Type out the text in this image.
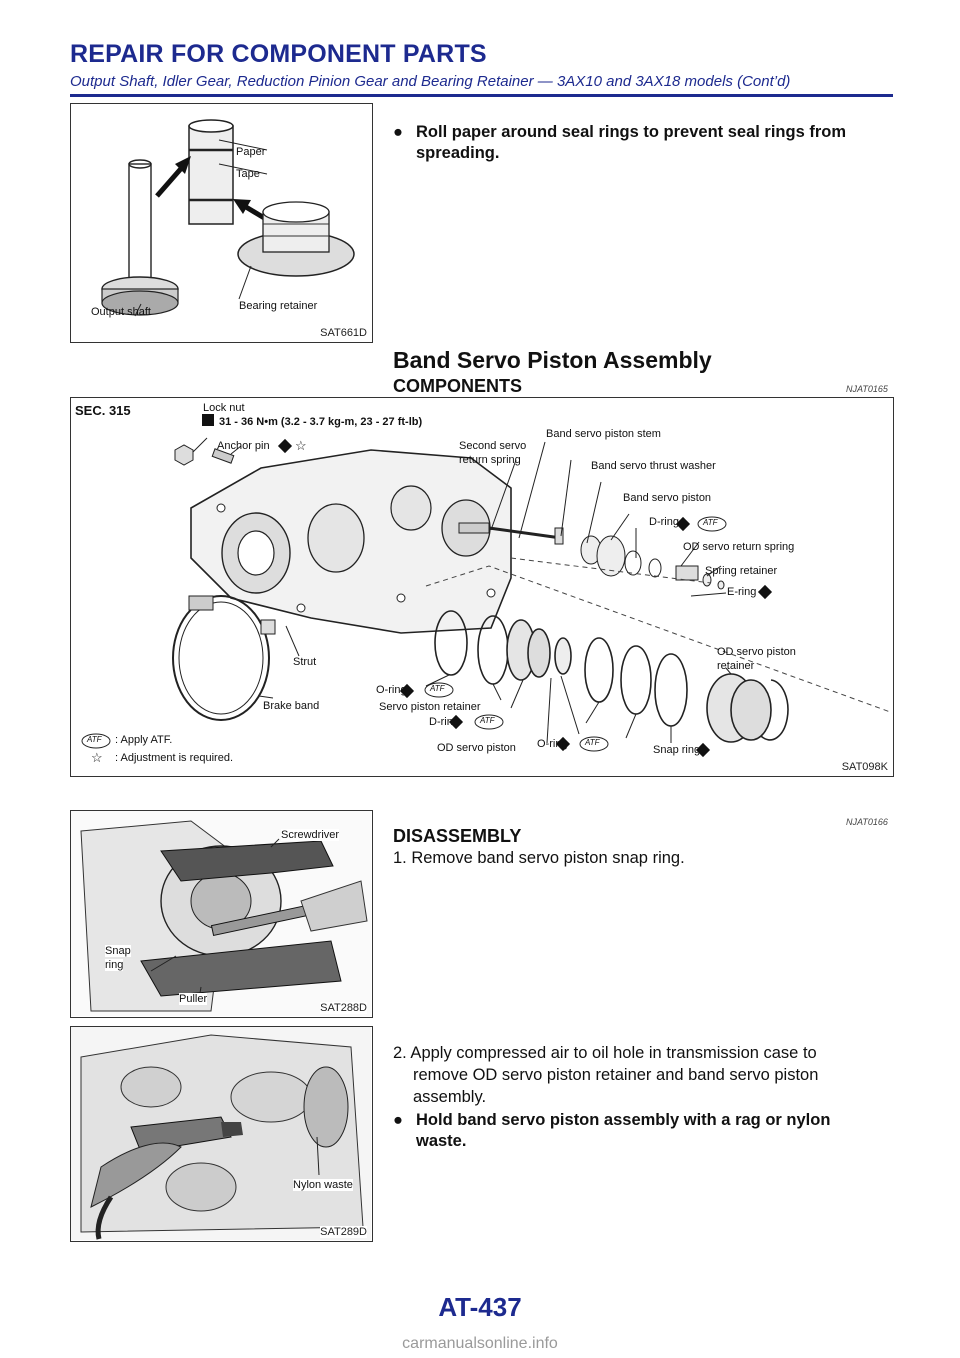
REPAIR FOR COMPONENT PARTS
Output Shaft, Idler Gear, Reduction Pinion Gear and Bearing Retainer — 3AX10 and 3AX18 models (Cont’d)
Paper
Tape
Output shaft	Bearing retainer
SAT661D
● Roll paper around seal rings to prevent seal rings from
spreading.
Band Servo Piston Assembly
COMPONENTS	NJAT0165
SEC. 315	Lock nut
31 - 36 N•m (3.2 - 3.7 kg-m, 23 - 27 ft-lb)
Anchor pin ☆	Second servo
return spring
Band servo piston stem
Band servo thrust washer
Band servo piston
D-ring	ATF
OD servo return spring
Spring retainer
E-ring
OD servo piston
retainer
Strut
Brake band
O-ring	ATF
Servo piston retainer
D-ring	ATF
OD servo piston O-ring ATF
Snap ring
ATF : Apply ATF.
☆ : Adjustment is required.
SAT098K
DISASSEMBLY
NJAT0166
1. Remove band servo piston snap ring.
Screwdriver
Snap
ring
Puller
SAT288D
Nylon waste
SAT289D
2. Apply compressed air to oil hole in transmission case to
remove OD servo piston retainer and band servo piston
assembly.
● Hold band servo piston assembly with a rag or nylon
waste.
AT-437
carmanualsonline.info
